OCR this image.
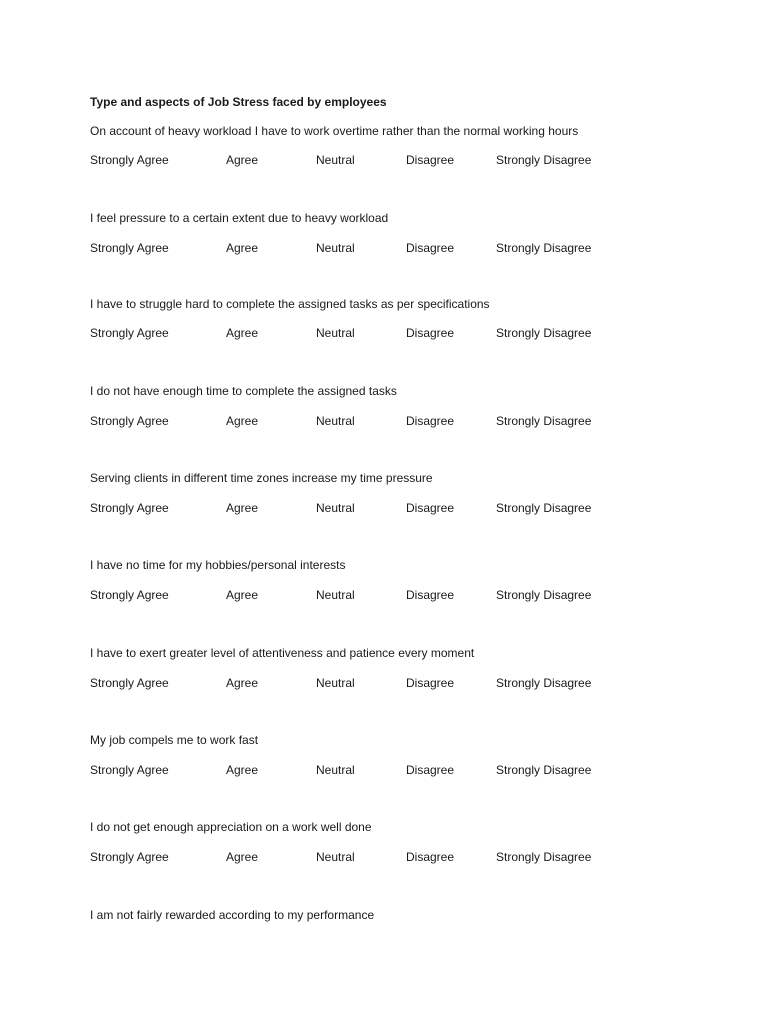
Type and aspects of Job Stress faced by employees
On account of heavy workload I have to work overtime rather than the normal working hours
Strongly Agree	Agree	Neutral	Disagree	Strongly Disagree
I feel pressure to a certain extent due to heavy workload
Strongly Agree	Agree	Neutral	Disagree	Strongly Disagree
I have to struggle hard to complete the assigned tasks as per specifications
Strongly Agree	Agree	Neutral	Disagree	Strongly Disagree
I do not have enough time to complete the assigned tasks
Strongly Agree	Agree	Neutral	Disagree	Strongly Disagree
Serving clients in different time zones increase my time pressure
Strongly Agree	Agree	Neutral	Disagree	Strongly Disagree
I have no time for my hobbies/personal interests
Strongly Agree	Agree	Neutral	Disagree	Strongly Disagree
I have to exert greater level of attentiveness and patience every moment
Strongly Agree	Agree	Neutral	Disagree	Strongly Disagree
My job compels me to work fast
Strongly Agree	Agree	Neutral	Disagree	Strongly Disagree
I do not get enough appreciation on a work well done
Strongly Agree	Agree	Neutral	Disagree	Strongly Disagree
I am not fairly rewarded according to my performance
